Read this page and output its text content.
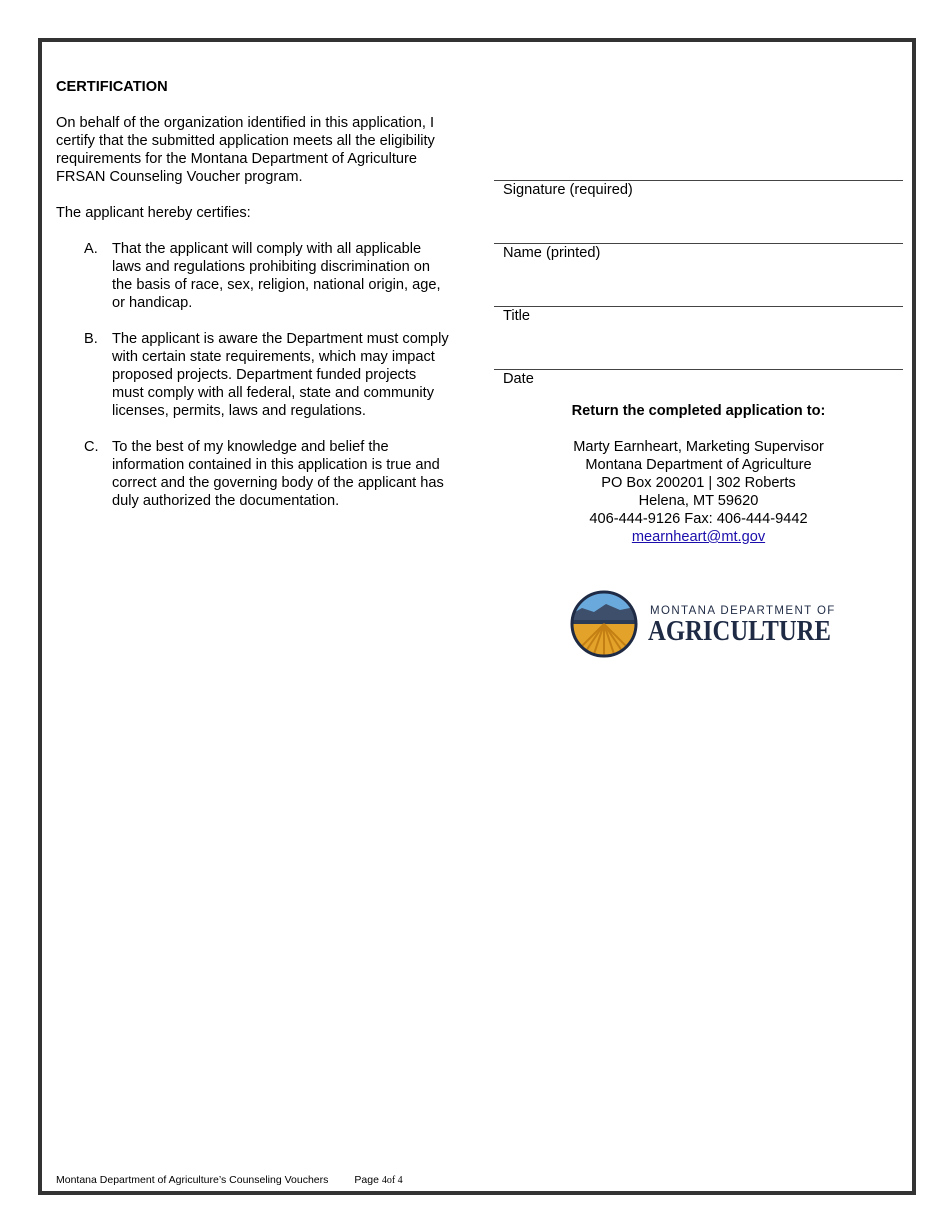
CERTIFICATION

On behalf of the organization identified in this application, I certify that the submitted application meets all the eligibility requirements for the Montana Department of Agriculture FRSAN Counseling Voucher program.

The applicant hereby certifies:

A. That the applicant will comply with all applicable laws and regulations prohibiting discrimination on the basis of race, sex, religion, national origin, age, or handicap.
B. The applicant is aware the Department must comply with certain state requirements, which may impact proposed projects. Department funded projects must comply with all federal, state and community licenses, permits, laws and regulations.
C. To the best of my knowledge and belief the information contained in this application is true and correct and the governing body of the applicant has duly authorized the documentation.
Signature (required)
Name (printed)
Title
Date
Return the completed application to:
Marty Earnheart, Marketing Supervisor
Montana Department of Agriculture
PO Box 200201 | 302 Roberts
Helena, MT 59620
406-444-9126 Fax: 406-444-9442
mearnheart@mt.gov
MONTANA DEPARTMENT OF
AGRICULTURE
Montana Department of Agriculture’s Counseling Vouchers Page 4of 4
